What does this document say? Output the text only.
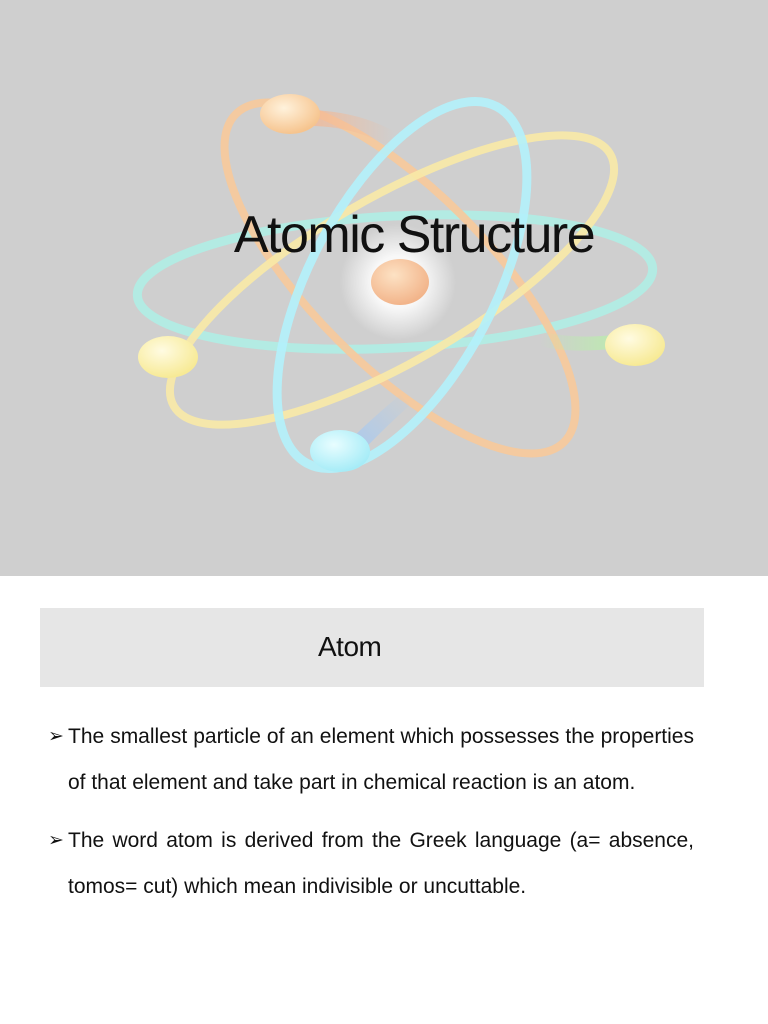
Atomic Structure
Atom
➢ The smallest particle of an element which possesses the properties of that element and take part in chemical reaction is an atom.
➢ The word atom is derived from the Greek language (a= absence, tomos= cut) which mean indivisible or uncuttable.
